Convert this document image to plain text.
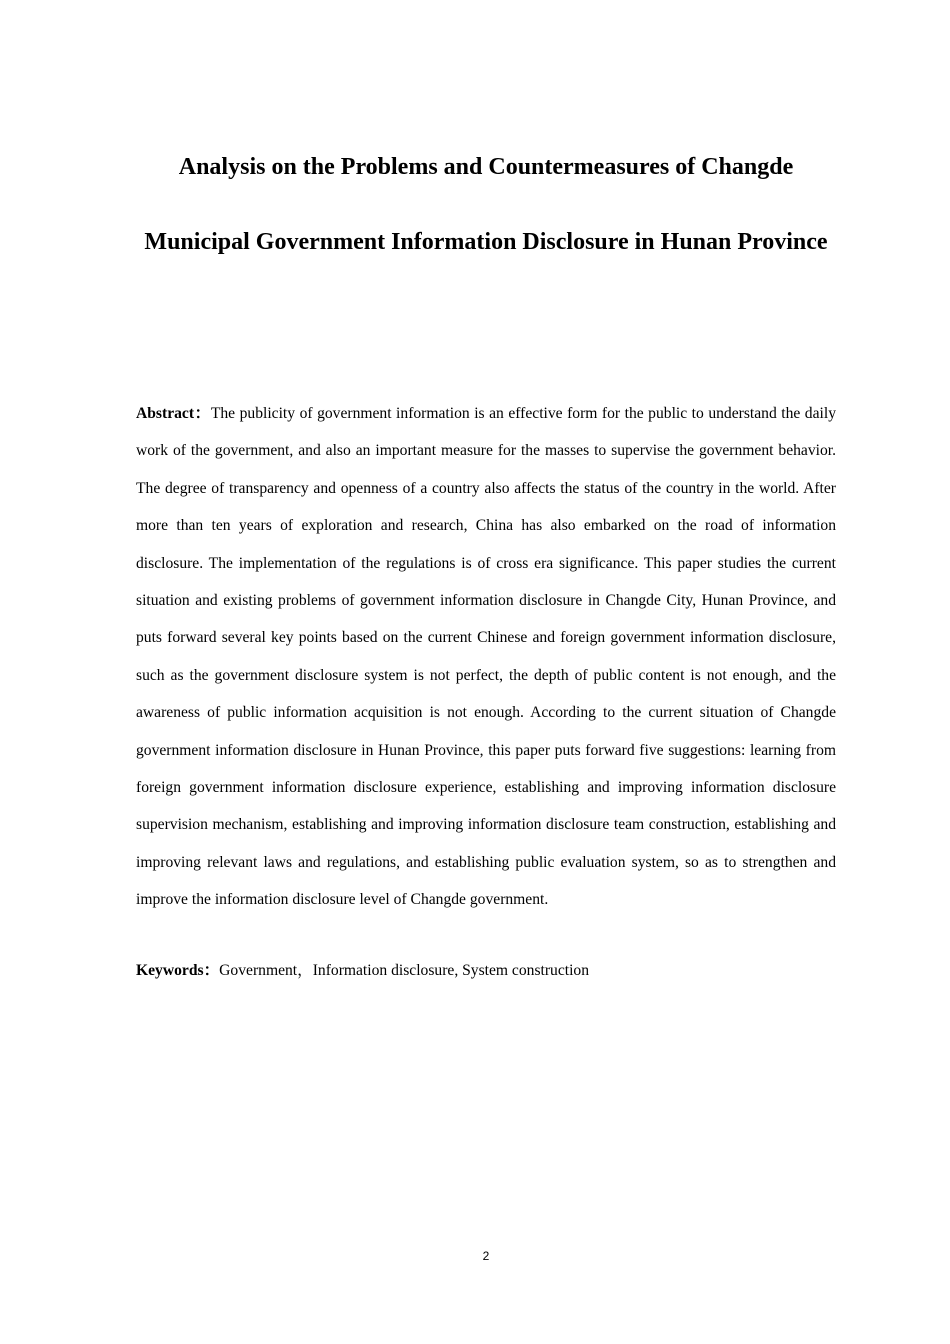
Analysis on the Problems and Countermeasures of Changde Municipal Government Information Disclosure in Hunan Province

Abstract：The publicity of government information is an effective form for the public to understand the daily work of the government, and also an important measure for the masses to supervise the government behavior. The degree of transparency and openness of a country also affects the status of the country in the world. After more than ten years of exploration and research, China has also embarked on the road of information disclosure. The implementation of the regulations is of cross era significance. This paper studies the current situation and existing problems of government information disclosure in Changde City, Hunan Province, and puts forward several key points based on the current Chinese and foreign government information disclosure, such as the government disclosure system is not perfect, the depth of public content is not enough, and the awareness of public information acquisition is not enough. According to the current situation of Changde government information disclosure in Hunan Province, this paper puts forward five suggestions: learning from foreign government information disclosure experience, establishing and improving information disclosure supervision mechanism, establishing and improving information disclosure team construction, establishing and improving relevant laws and regulations, and establishing public evaluation system, so as to strengthen and improve the information disclosure level of Changde government.

Keywords：Government，Information disclosure, System construction

2
